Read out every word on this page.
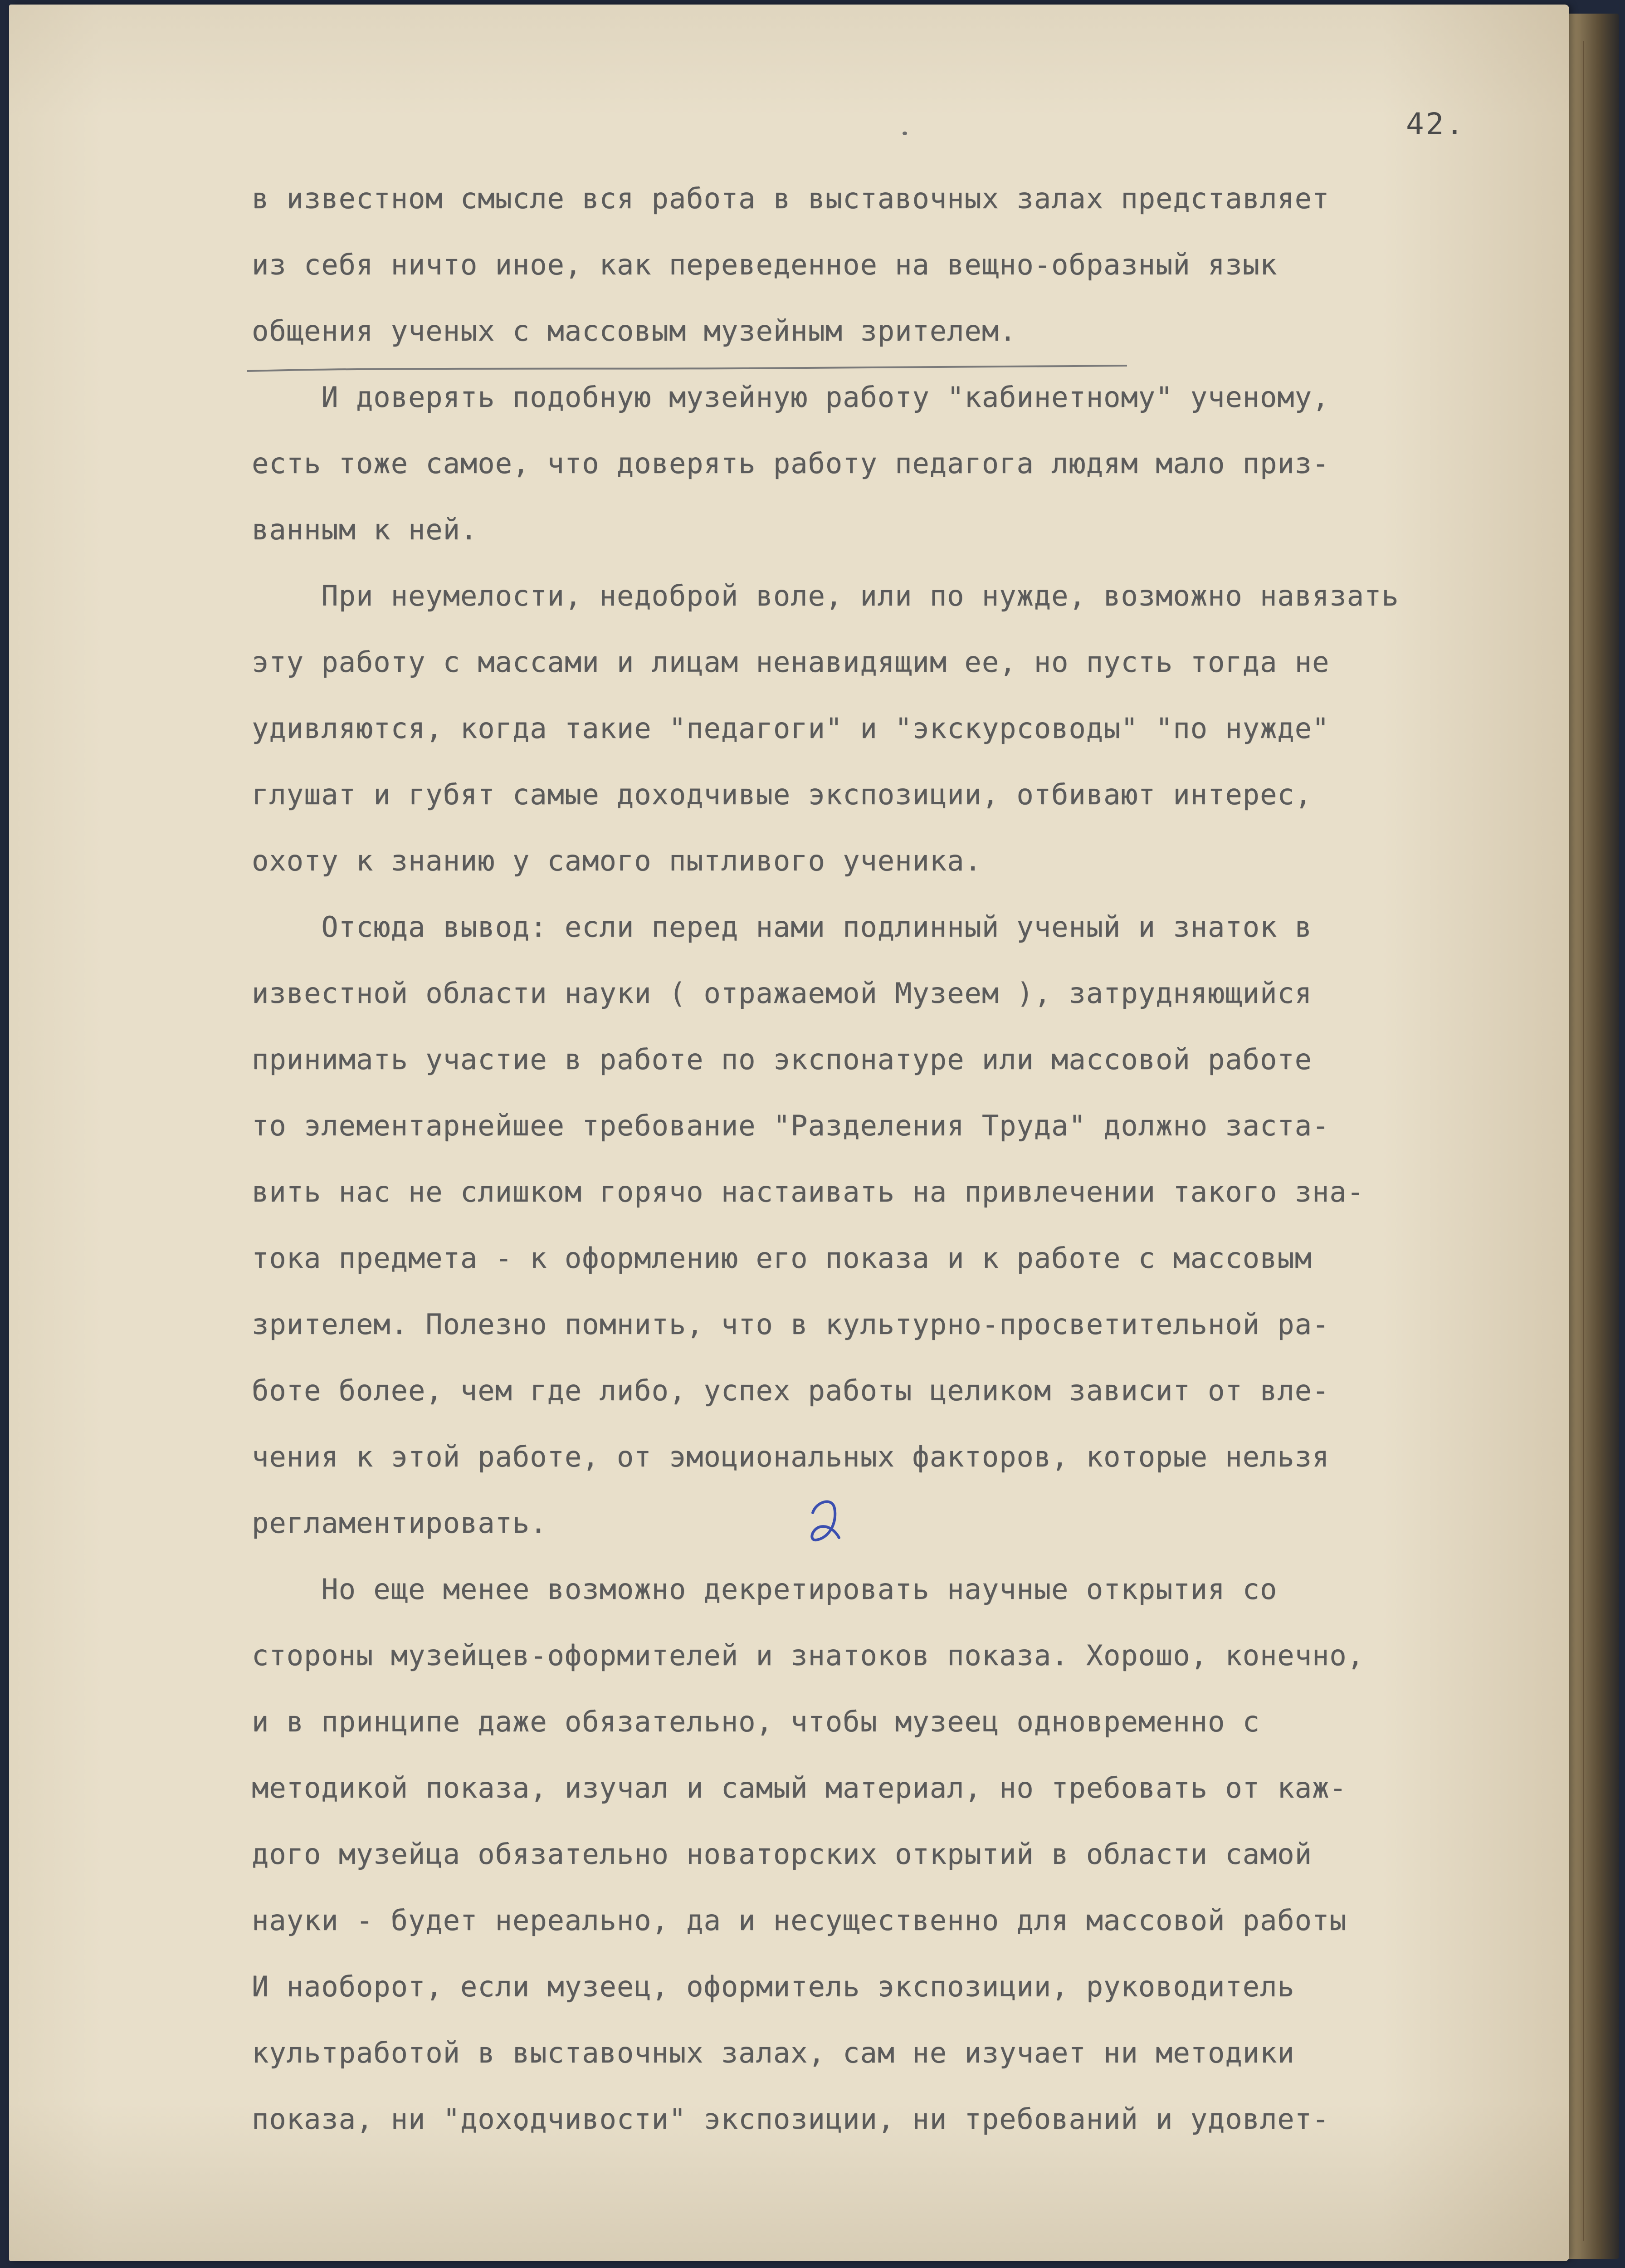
42.
в известном смысле вся работа в выставочных залах представляет
из себя ничто иное, как переведенное на вещно-образный язык
общения ученых с массовым музейным зрителем.
И доверять подобную музейную работу "кабинетному" ученому,
есть тоже самое, что доверять работу педагога людям мало приз-
ванным к ней.
При неумелости, недоброй воле, или по нужде, возможно навязать
эту работу с массами и лицам ненавидящим ее, но пусть тогда не
удивляются, когда такие "педагоги" и "экскурсоводы" "по нужде"
глушат и губят самые доходчивые экспозиции, отбивают интерес,
охоту к знанию у самого пытливого ученика.
Отсюда вывод: если перед нами подлинный ученый и знаток в
известной области науки ( отражаемой Музеем ), затрудняющийся
принимать участие в работе по экспонатуре или массовой работе
то элементарнейшее требование "Разделения Труда" должно заста-
вить нас не слишком горячо настаивать на привлечении такого зна-
тока предмета - к оформлению его показа и к работе с массовым
зрителем. Полезно помнить, что в культурно-просветительной ра-
боте более, чем где либо, успех работы целиком зависит от вле-
чения к этой работе, от эмоциональных факторов, которые нельзя
регламентировать.
Но еще менее возможно декретировать научные открытия со
стороны музейцев-оформителей и знатоков показа. Хорошо, конечно,
и в принципе даже обязательно, чтобы музеец одновременно с
методикой показа, изучал и самый материал, но требовать от каж-
дого музейца обязательно новаторских открытий в области самой
науки - будет нереально, да и несущественно для массовой работы
И наоборот, если музеец, оформитель экспозиции, руководитель
культработой в выставочных залах, сам не изучает ни методики
показа, ни "доходчивости" экспозиции, ни требований и удовлет-
